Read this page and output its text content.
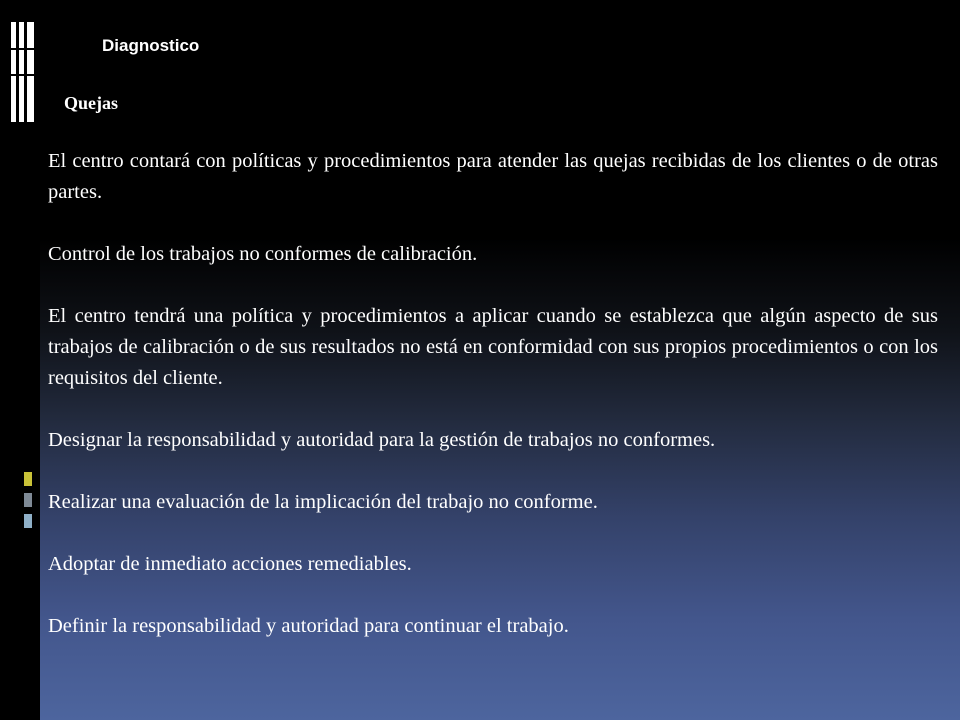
Diagnostico
Quejas

El centro contará con políticas y procedimientos para atender las quejas recibidas de los clientes o de otras partes.

Control de los trabajos no conformes de calibración.

El centro tendrá una política y procedimientos a aplicar cuando se establezca que algún aspecto de sus trabajos de calibración o de sus resultados no está en conformidad con sus propios procedimientos o con los requisitos del cliente.

Designar la responsabilidad y autoridad para la gestión de trabajos no conformes.

Realizar una evaluación de la implicación del trabajo no conforme.

Adoptar de inmediato acciones remediables.

Definir la responsabilidad y autoridad para continuar el trabajo.
